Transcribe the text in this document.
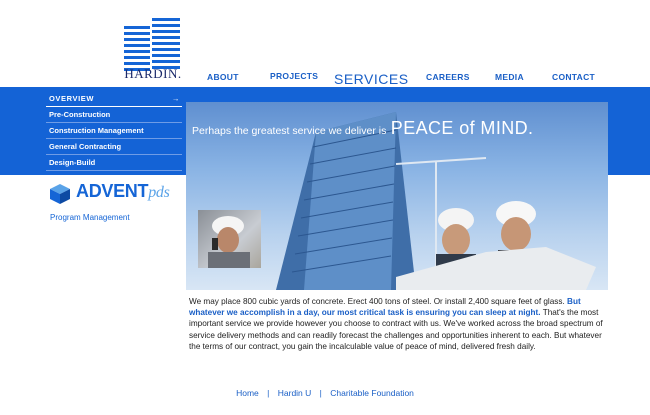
HARDIN.	ABOUT	PROJECTS SERVICES CAREERS	MEDIA	CONTACT
Perhaps the greatest service we deliver is PEACE of MIND.
OVERVIEW	→
Pre-Construction
Construction Management
General Contracting
Design-Build
ADVENTpds
Program Management
We may place 800 cubic yards of concrete. Erect 400 tons of steel. Or install 2,400 square feet of glass. But whatever we accomplish in a day, our most critical task is ensuring you can sleep at night. That's the most important service we provide however you choose to contract with us. We've worked across the broad spectrum of service delivery methods and can readily forecast the challenges and opportunities inherent to each. But whatever the terms of our contract, you gain the incalculable value of peace of mind, delivered fresh daily.
Home | Hardin U | Charitable Foundation
